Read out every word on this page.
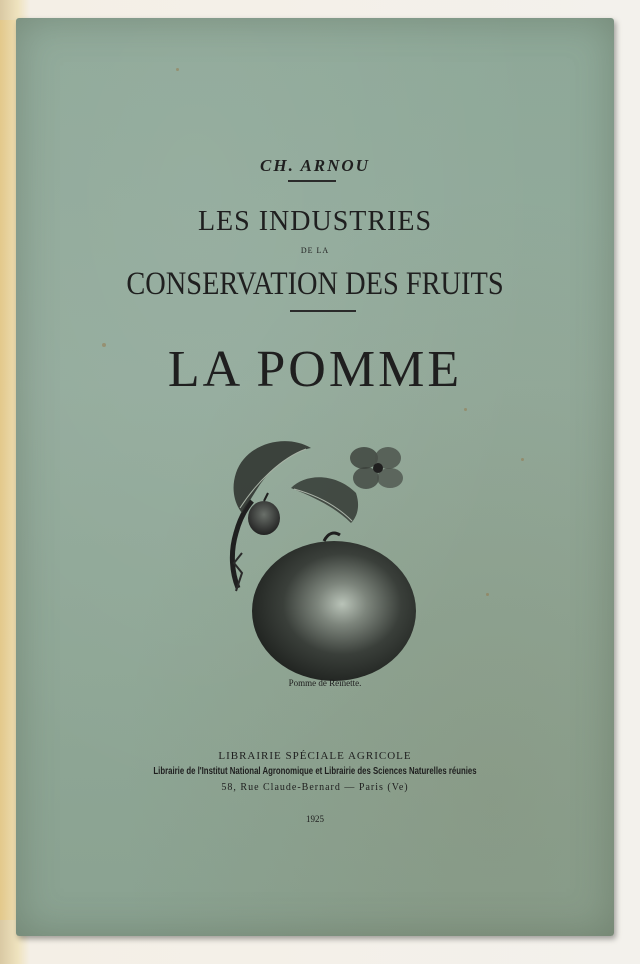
CH. ARNOU
LES INDUSTRIES
DE LA
CONSERVATION DES FRUITS
LA POMME
Pomme de Reinette.
LIBRAIRIE SPÉCIALE AGRICOLE
Librairie de l'Institut National Agronomique et Librairie des Sciences Naturelles réunies
58, Rue Claude-Bernard — Paris (Ve)
1925
